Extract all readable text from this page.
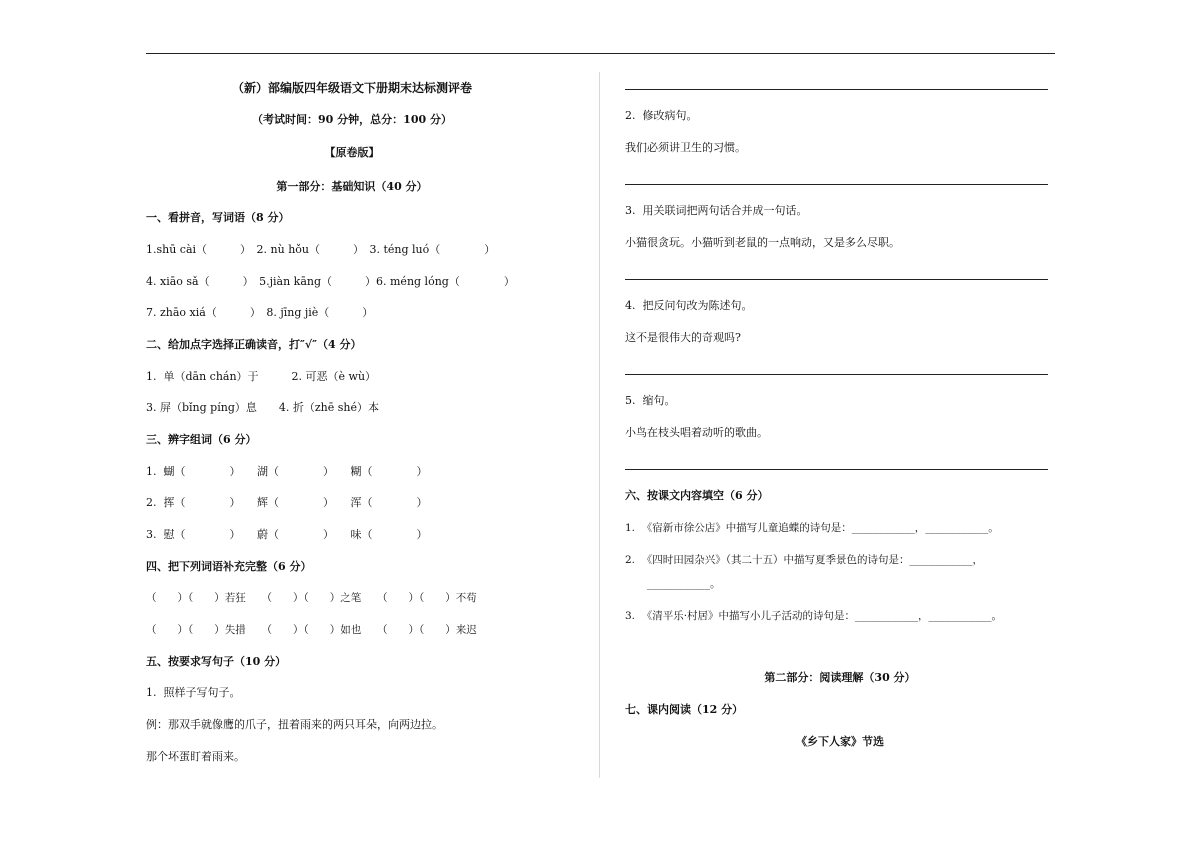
（新）部编版四年级语文下册期末达标测评卷
（考试时间：90 分钟，总分：100 分）
【原卷版】
第一部分：基础知识（40 分）
一、看拼音，写词语（8 分）
1.shū cài（　　　）　2. nù hǒu（　　　）　3. téng luó（　　　　）
4. xiāo sǎ（　　　）　5.jiàn kāng（　　　）6. méng lóng（　　　　）
7. zhāo xiá（　　　）　8. jīng jiè（　　　）
二、给加点字选择正确读音，打″√″（4 分）
1.  单（dān chán）于　　　2. 可恶（è wù）
3. 屏（bǐng píng）息　　4. 折（zhē shé）本
三、辨字组词（6 分）
1.  蝴（　　　　）　　湖（　　　　）　　糊（　　　　）
2.  挥（　　　　）　　辉（　　　　）　　浑（　　　　）
3.  慰（　　　　）　　蔚（　　　　）　　味（　　　　）
四、把下列词语补充完整（6 分）
（　　）（　　）若狂　　（　　）（　　）之笔　　（　　）（　　）不苟
（　　）（　　）失措　　（　　）（　　）如也　　（　　）（　　）来迟
五、按要求写句子（10 分）
1.  照样子写句子。
例：那双手就像鹰的爪子，扭着雨来的两只耳朵，向两边拉。
那个坏蛋盯着雨来。
2.  修改病句。
我们必须讲卫生的习惯。
3.  用关联词把两句话合并成一句话。
小猫很贪玩。小猫听到老鼠的一点响动，又是多么尽职。
4.  把反问句改为陈述句。
这不是很伟大的奇观吗?
5.  缩句。
小鸟在枝头唱着动听的歌曲。
六、按课文内容填空（6 分）
1.  《宿新市徐公店》中描写儿童追蝶的诗句是：____________，____________。
2.  《四时田园杂兴》（其二十五）中描写夏季景色的诗句是：____________，
____________。
3.  《清平乐·村居》中描写小儿子活动的诗句是：____________，____________。
第二部分：阅读理解（30 分）
七、课内阅读（12 分）
《乡下人家》节选
